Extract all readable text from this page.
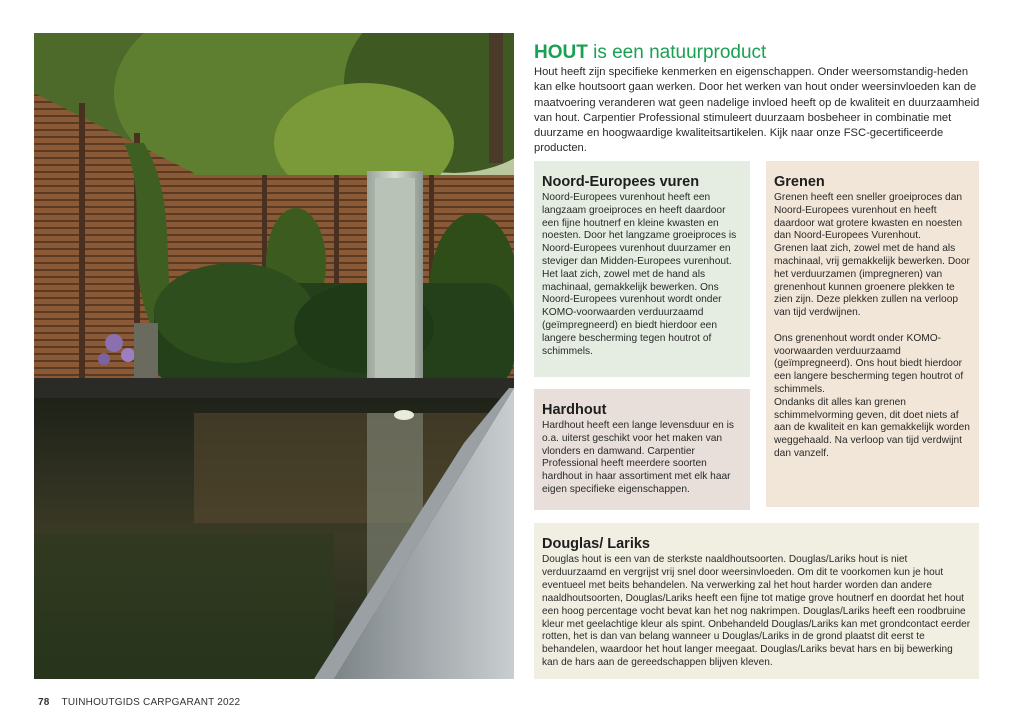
HOUT is een natuurproduct
Hout heeft zijn specifieke kenmerken en eigenschappen. Onder weersomstandig-heden kan elke houtsoort gaan werken. Door het werken van hout onder weersinvloeden kan de maatvoering veranderen wat geen nadelige invloed heeft op de kwaliteit en duurzaamheid van hout. Carpentier Professional stimuleert duurzaam bosbeheer in combinatie met duurzame en hoogwaardige kwaliteitsartikelen. Kijk naar onze FSC-gecertificeerde producten.
Noord-Europees vuren
Noord-Europees vurenhout heeft een langzaam groeiproces en heeft daardoor een fijne houtnerf en kleine kwasten en noesten. Door het langzame groeiproces is Noord-Europees vurenhout duurzamer en steviger dan Midden-Europees vurenhout. Het laat zich, zowel met de hand als machinaal, gemakkelijk bewerken. Ons Noord-Europees vurenhout wordt onder KOMO-voorwaarden verduurzaamd (geïmpregneerd) en biedt hierdoor een langere bescherming tegen houtrot of schimmels.
Hardhout
Hardhout heeft een lange levensduur en is o.a. uiterst geschikt voor het maken van vlonders en damwand. Carpentier Professional heeft meerdere soorten hardhout in haar assortiment met elk haar eigen specifieke eigenschappen.
Grenen
Grenen heeft een sneller groeiproces dan Noord-Europees vurenhout en heeft daardoor wat grotere kwasten en noesten dan Noord-Europees Vurenhout.
Grenen laat zich, zowel met de hand als machinaal, vrij gemakkelijk bewerken. Door het verduurzamen (impregneren) van grenenhout kunnen groenere plekken te zien zijn. Deze plekken zullen na verloop van tijd verdwijnen.

Ons grenenhout wordt onder KOMO-voorwaarden verduurzaamd (geïmpregneerd). Ons hout biedt hierdoor een langere bescherming tegen houtrot of schimmels.
Ondanks dit alles kan grenen schimmelvorming geven, dit doet niets af aan de kwaliteit en kan gemakkelijk worden weggehaald. Na verloop van tijd verdwijnt dan vanzelf.
Douglas/ Lariks
Douglas hout is een van de sterkste naaldhoutsoorten. Douglas/Lariks hout is niet verduurzaamd en vergrijst vrij snel door weersinvloeden. Om dit te voorkomen kun je hout eventueel met beits behandelen. Na verwerking zal het hout harder worden dan andere naaldhoutsoorten, Douglas/Lariks heeft een fijne tot matige grove houtnerf en doordat het hout een hoog percentage vocht bevat kan het nog nakrimpen. Douglas/Lariks heeft een roodbruine kleur met geelachtige kleur als spint. Onbehandeld Douglas/Lariks kan met grondcontact eerder rotten, het is dan van belang wanneer u Douglas/Lariks in de grond plaatst dit eerst te behandelen, waardoor het hout langer meegaat. Douglas/Lariks bevat hars en bij bewerking kan de hars aan de gereedschappen blijven kleven.
78 TUINHOUTGIDS CARPGARANT 2022
